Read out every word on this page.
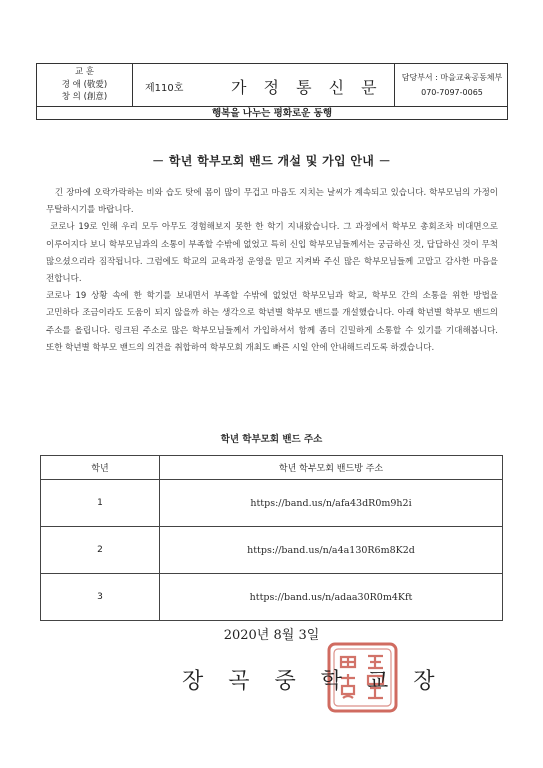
교 훈
경 애 (敬愛)
창 의 (創意)
제110호	가 정 통 신 문
담당부서 : 마을교육공동체부
070-7097-0065
행복을 나누는 평화로운 동행
－ 학년 학부모회 밴드 개설 및 가입 안내 －

긴 장마에 오락가락하는 비와 습도 탓에 몸이 많이 무겁고 마음도 지치는 날씨가 계속되고 있습니다. 학부모님의 가정이 무탈하시기를 바랍니다.

코로나 19로 인해 우리 모두 아무도 경험해보지 못한 한 학기 지내왔습니다. 그 과정에서 학부모 총회조차 비대면으로 이루어지다 보니 학부모님과의 소통이 부족할 수밖에 없었고 특히 신입 학부모님들께서는 궁금하신 것, 답답하신 것이 무척 많으셨으리라 짐작됩니다. 그럼에도 학교의 교육과정 운영을 믿고 지켜봐 주신 많은 학부모님들께 고맙고 감사한 마음을 전합니다.

코로나 19 상황 속에 한 학기를 보내면서 부족할 수밖에 없었던 학부모님과 학교, 학부모 간의 소통을 위한 방법을 고민하다 조금이라도 도움이 되지 않을까 하는 생각으로 학년별 학부모 밴드를 개설했습니다. 아래 학년별 학부모 밴드의 주소를 올립니다. 링크된 주소로 많은 학부모님들께서 가입하셔서 함께 좀더 긴밀하게 소통할 수 있기를 기대해봅니다. 또한 학년별 학부모 밴드의 의견을 취합하여 학부모회 개최도 빠른 시일 안에 안내해드리도록 하겠습니다.

학년 학부모회 밴드 주소
학년	학년 학부모회 밴드방 주소
1	https://band.us/n/afa43dR0m9h2i
2	https://band.us/n/a4a130R6m8K2d
3	https://band.us/n/adaa30R0m4Kft
2020년 8월 3일
장 곡 중 학 교 장
